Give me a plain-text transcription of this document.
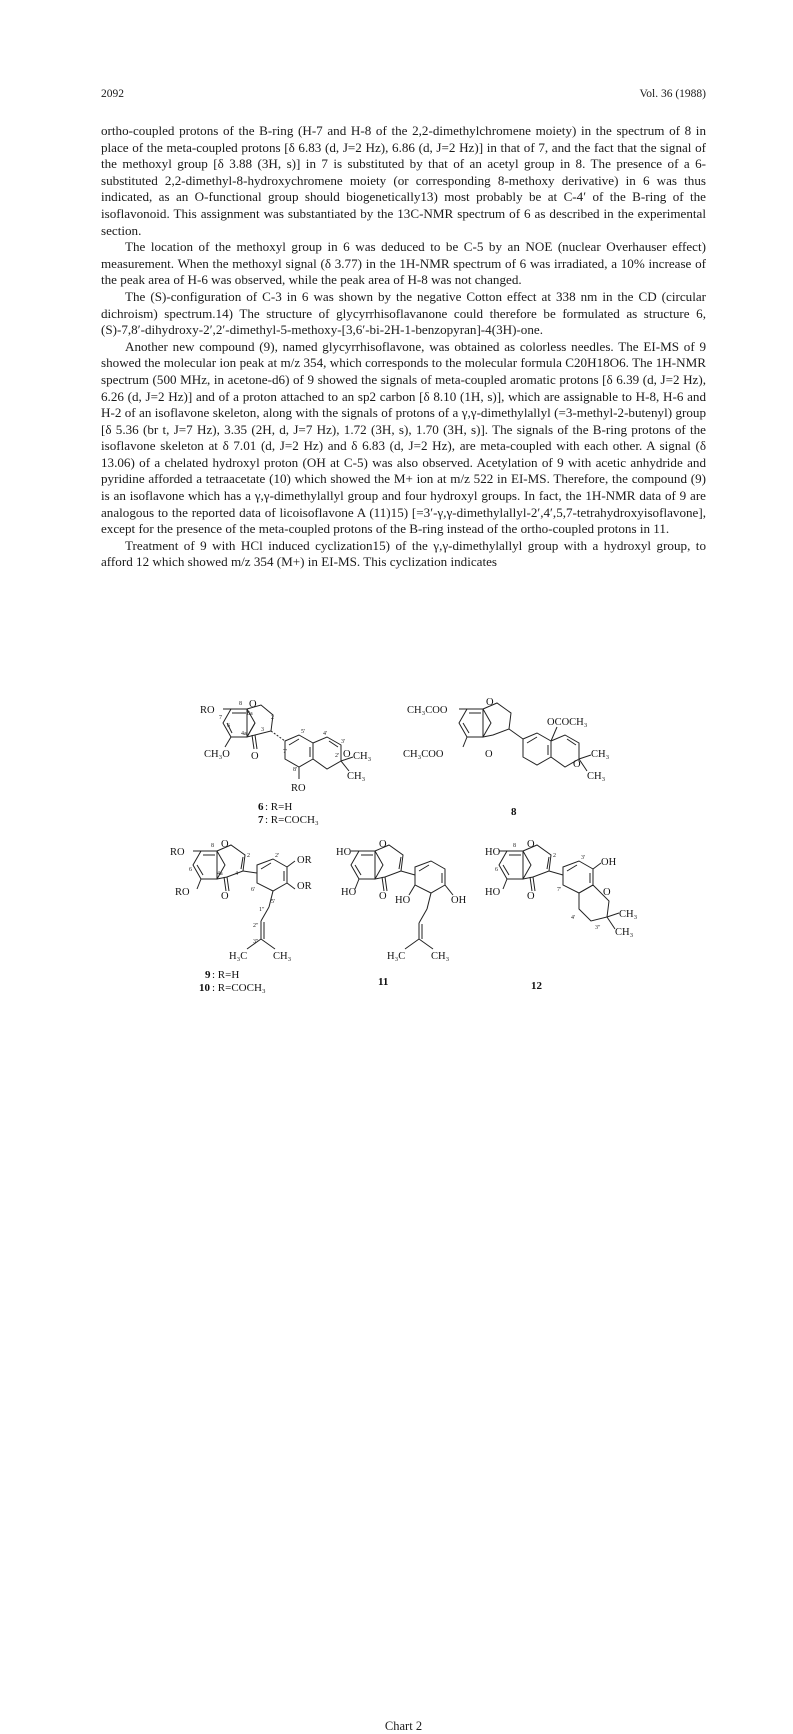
2092	Vol. 36 (1988)

ortho-coupled protons of the B-ring (H-7 and H-8 of the 2,2-dimethylchromene moiety) in the spectrum of 8 in place of the meta-coupled protons [δ 6.83 (d, J=2 Hz), 6.86 (d, J=2 Hz)] in that of 7, and the fact that the signal of the methoxyl group [δ 3.88 (3H, s)] in 7 is substituted by that of an acetyl group in 8. The presence of a 6-substituted 2,2-dimethyl-8-hydroxychromene moiety (or corresponding 8-methoxy derivative) in 6 was thus indicated, as an O-functional group should biogenetically13) most probably be at C-4′ of the B-ring of the isoflavonoid. This assignment was substantiated by the 13C-NMR spectrum of 6 as described in the experimental section.

The location of the methoxyl group in 6 was deduced to be C-5 by an NOE (nuclear Overhauser effect) measurement. When the methoxyl signal (δ 3.77) in the 1H-NMR spectrum of 6 was irradiated, a 10% increase of the peak area of H-6 was observed, while the peak area of H-8 was not changed.

The (S)-configuration of C-3 in 6 was shown by the negative Cotton effect at 338 nm in the CD (circular dichroism) spectrum.14) The structure of glycyrrhisoflavanone could therefore be formulated as structure 6, (S)-7,8′-dihydroxy-2′,2′-dimethyl-5-methoxy-[3,6′-bi-2H-1-benzopyran]-4(3H)-one.

Another new compound (9), named glycyrrhisoflavone, was obtained as colorless needles. The EI-MS of 9 showed the molecular ion peak at m/z 354, which corresponds to the molecular formula C20H18O6. The 1H-NMR spectrum (500 MHz, in acetone-d6) of 9 showed the signals of meta-coupled aromatic protons [δ 6.39 (d, J=2 Hz), 6.26 (d, J=2 Hz)] and of a proton attached to an sp2 carbon [δ 8.10 (1H, s)], which are assignable to H-8, H-6 and H-2 of an isoflavone skeleton, along with the signals of protons of a γ,γ-dimethylallyl (=3-methyl-2-butenyl) group [δ 5.36 (br t, J=7 Hz), 3.35 (2H, d, J=7 Hz), 1.72 (3H, s), 1.70 (3H, s)]. The signals of the B-ring protons of the isoflavone skeleton at δ 7.01 (d, J=2 Hz) and δ 6.83 (d, J=2 Hz), are meta-coupled with each other. A signal (δ 13.06) of a chelated hydroxyl proton (OH at C-5) was also observed. Acetylation of 9 with acetic anhydride and pyridine afforded a tetraacetate (10) which showed the M+ ion at m/z 522 in EI-MS. Therefore, the compound (9) is an isoflavone which has a γ,γ-dimethylallyl group and four hydroxyl groups. In fact, the 1H-NMR data of 9 are analogous to the reported data of licoisoflavone A (11)15) [=3′-γ,γ-dimethylallyl-2′,4′,5,7-tetrahydroxyisoflavone], except for the presence of the meta-coupled protons of the B-ring instead of the ortho-coupled protons in 11.

Treatment of 9 with HCl induced cyclization15) of the γ,γ-dimethylallyl group with a hydroxyl group, to afford 12 which showed m/z 354 (M+) in EI-MS. This cyclization indicates

RO
O
CH₃O O	O CH₃
CH₃
RO
8
2
3
6
7
8a
4a	5'	4'
3'
2'
7'
8'
6 : R=H
7 : R=COCH₃
CH₃COO
O
OCOCH₃
CH₃COO	O
O
CH₃
CH₃
8
RO
O
OR
OR
RO	O
H₃C CH₃
8
2
6
4a 4
2'
6'
5'
1"
2"
3"
9 : R=H
10 : R=COCH₃
HO
O
HO O HO	OH
H₃C CH₃
11
HO
O
OH
HO	O	O
CH₃
CH₃
8
2
6
3'
7'
4'
3"
12
Chart 2
